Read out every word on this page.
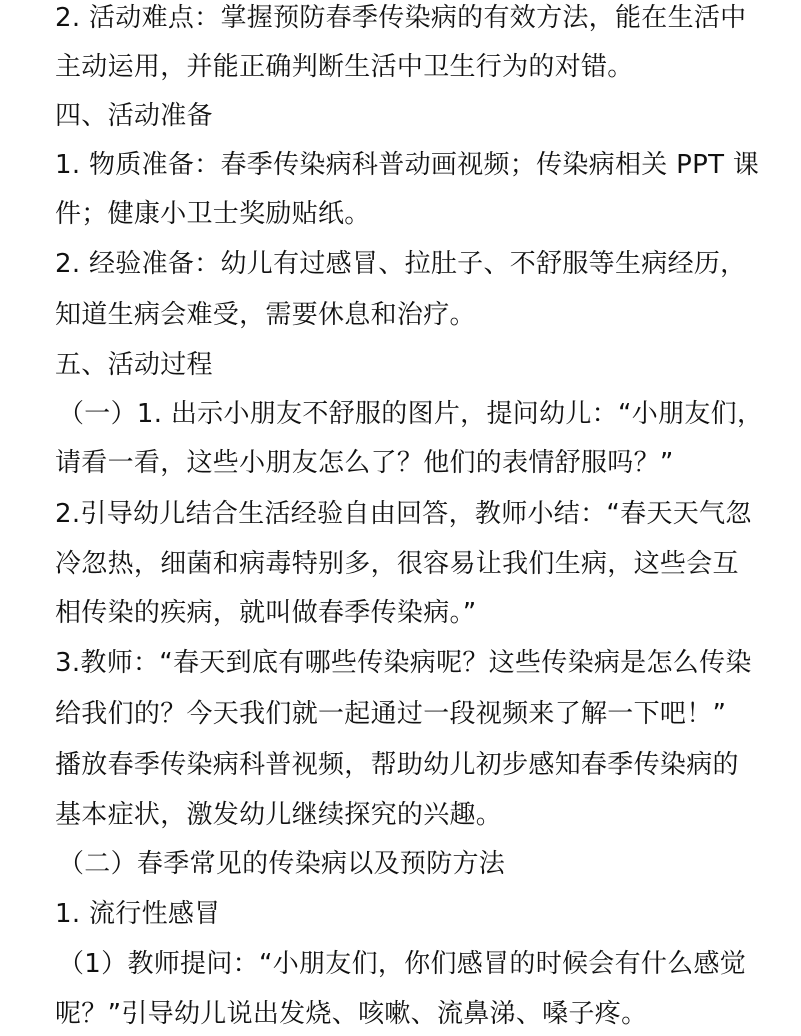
2. 活动难点：掌握预防春季传染病的有效方法，能在生活中
主动运用，并能正确判断生活中卫生行为的对错。
四、活动准备
1. 物质准备：春季传染病科普动画视频；传染病相关 PPT 课
件；健康小卫士奖励贴纸。
2. 经验准备：幼儿有过感冒、拉肚子、不舒服等生病经历，
知道生病会难受，需要休息和治疗。
五、活动过程
（一）1. 出示小朋友不舒服的图片，提问幼儿：“小朋友们，
请看一看，这些小朋友怎么了？他们的表情舒服吗？”
2.引导幼儿结合生活经验自由回答，教师小结：“春天天气忽
冷忽热，细菌和病毒特别多，很容易让我们生病，这些会互
相传染的疾病，就叫做春季传染病。”
3.教师：“春天到底有哪些传染病呢？这些传染病是怎么传染
给我们的？今天我们就一起通过一段视频来了解一下吧！”
播放春季传染病科普视频，帮助幼儿初步感知春季传染病的
基本症状，激发幼儿继续探究的兴趣。
（二）春季常见的传染病以及预防方法
1. 流行性感冒
（1）教师提问：“小朋友们，你们感冒的时候会有什么感觉
呢？”引导幼儿说出发烧、咳嗽、流鼻涕、嗓子疼。
